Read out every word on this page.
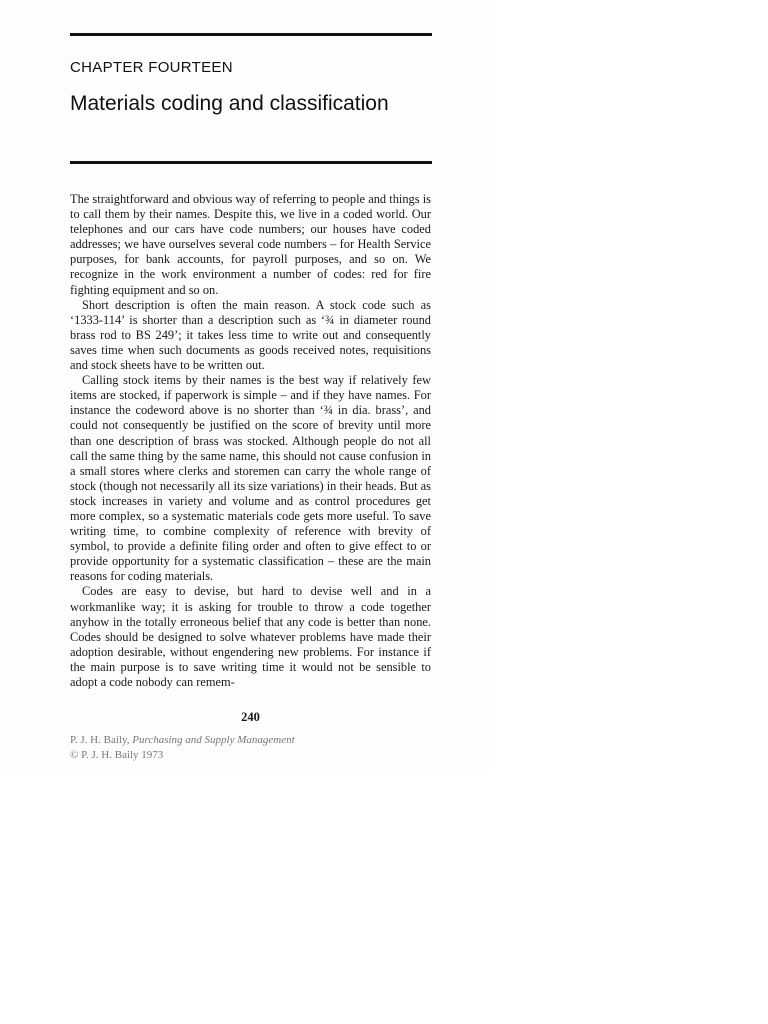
CHAPTER FOURTEEN

Materials coding and classification

The straightforward and obvious way of referring to people and things is to call them by their names. Despite this, we live in a coded world. Our telephones and our cars have code numbers; our houses have coded addresses; we have ourselves several code numbers – for Health Service purposes, for bank accounts, for payroll purposes, and so on. We recognize in the work environment a number of codes: red for fire fighting equipment and so on.

Short description is often the main reason. A stock code such as ‘1333-114’ is shorter than a description such as ‘¾ in diameter round brass rod to BS 249’; it takes less time to write out and consequently saves time when such documents as goods received notes, requisitions and stock sheets have to be written out.

Calling stock items by their names is the best way if relatively few items are stocked, if paperwork is simple – and if they have names. For instance the codeword above is no shorter than ‘¾ in dia. brass’, and could not consequently be justified on the score of brevity until more than one description of brass was stocked. Although people do not all call the same thing by the same name, this should not cause confusion in a small stores where clerks and storemen can carry the whole range of stock (though not necessarily all its size variations) in their heads. But as stock increases in variety and volume and as control procedures get more complex, so a systematic materials code gets more useful. To save writing time, to combine complexity of reference with brevity of symbol, to provide a definite filing order and often to give effect to or provide opportunity for a systematic classification – these are the main reasons for coding materials.

Codes are easy to devise, but hard to devise well and in a workmanlike way; it is asking for trouble to throw a code together anyhow in the totally erroneous belief that any code is better than none. Codes should be designed to solve whatever problems have made their adoption desirable, without engendering new problems. For instance if the main purpose is to save writing time it would not be sensible to adopt a code nobody can remem-

240
P. J. H. Baily, Purchasing and Supply Management
© P. J. H. Baily 1973
